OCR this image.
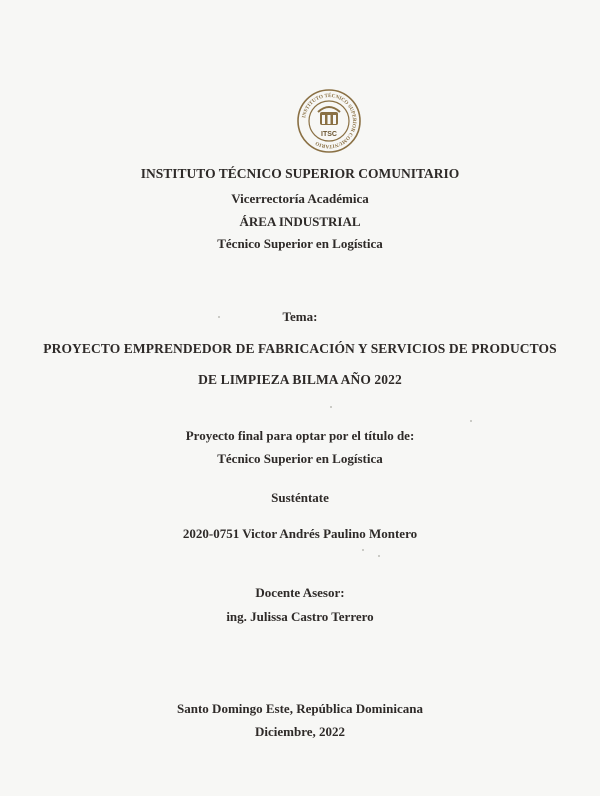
INSTITUTO TÉCNICO SUPERIOR COMUNITARIO
ITSC
INSTITUTO TÉCNICO SUPERIOR COMUNITARIO
Vicerrectoría Académica
ÁREA INDUSTRIAL
Técnico Superior en Logística
Tema:
PROYECTO EMPRENDEDOR DE FABRICACIÓN Y SERVICIOS DE PRODUCTOS
DE LIMPIEZA BILMA AÑO 2022
Proyecto final para optar por el título de:
Técnico Superior en Logística
Susténtate
2020-0751 Victor Andrés Paulino Montero
Docente Asesor:
ing. Julissa Castro Terrero
Santo Domingo Este, República Dominicana
Diciembre, 2022
